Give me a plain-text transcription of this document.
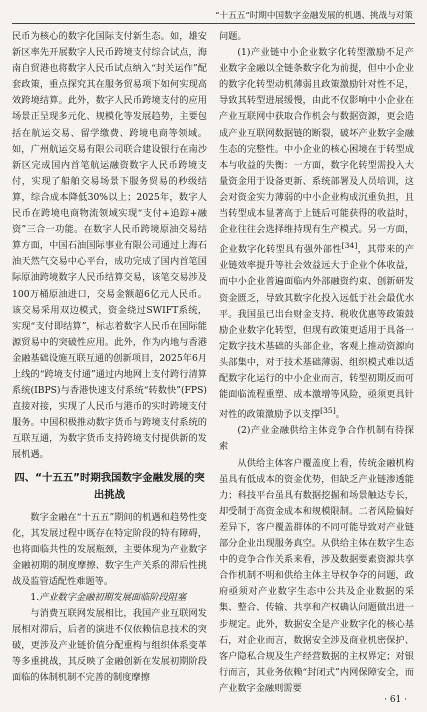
“十五五”时期中国数字金融发展的机遇、挑战与对策

民币为核心的数字化国际支付新生态。如，雄安新区率先开展数字人民币跨境支付综合试点，海南自贸港也将数字人民币试点纳入“封关运作”配套政策，重点探究其在服务贸易项下如何实现高效跨境结算。此外，数字人民币跨境支付的应用场景正呈现多元化、规模化等发展趋势，主要包括在航运交易、留学缴费、跨境电商等领域。如，广州航运交易有限公司联合建设银行在南沙新区完成国内首笔航运融资数字人民币跨境支付，实现了船舶交易场景下服务贸易的秒级结算，综合成本降低30%以上；2025年，数字人民币在跨境电商物流领域实现“支付+追踪+融资”三合一功能。在数字人民币跨境原油交易结算方面，中国石油国际事业有限公司通过上海石油天然气交易中心平台，成功完成了国内首笔国际原油跨境数字人民币结算交易，该笔交易涉及100万桶原油进口，交易金额超6亿元人民币。该交易采用双边模式，资金绕过SWIFT系统，实现“支付即结算”，标志着数字人民币在国际能源贸易中的突破性应用。此外，作为内地与香港金融基础设施互联互通的创新项目，2025年6月上线的“跨境支付通”通过内地网上支付跨行清算系统(IBPS)与香港快速支付系统“转数快”(FPS)直接对接，实现了人民币与港币的实时跨境支付服务。中国积极推动数字货币与跨境支付系统的互联互通，为数字货币支持跨境支付提供新的发展机遇。

四、“十五五”时期我国数字金融发展的突出挑战

数字金融在“十五五”期间的机遇和趋势性变化，其发展过程中既存在特定阶段的特有障碍，也将面临共性的发展瓶颈，主要体现为产业数字金融初期的制度摩擦、数字生产关系的滞后性挑战及监管适配性难题等。

1.产业数字金融初期发展面临阶段阻塞

与消费互联网发展相比，我国产业互联网发展相对滞后，后者的演进不仅依赖信息技术的突破，更涉及产业链价值分配重构与组织体系变革等多重挑战，其反映了金融创新在发展初期阶段面临的体制机制不完善的制度摩擦

问题。

(1)产业链中小企业数字化转型激励不足产业数字金融以全链条数字化为前提，但中小企业的数字化转型动机薄弱且政策激励针对性不足，导致其转型进展缓慢，由此不仅影响中小企业在产业互联网中获取合作机会与数据资源，更会造成产业互联网数据链的断裂，破坏产业数字金融生态的完整性。中小企业的核心困境在于转型成本与收益的失衡：一方面，数字化转型需投入大量资金用于设备更新、系统部署及人员培训，这会对资金实力薄弱的中小企业构成沉重负担，且当转型成本显著高于上链后可能获得的收益时，企业往往会选择维持现有生产模式。另一方面，企业数字化转型具有强外部性[34]，其带来的产业链效率提升等社会效益远大于企业个体收益，而中小企业普遍面临内外部融资约束、创新研发资金匮乏，导致其数字化投入远低于社会最优水平。我国虽已出台财金支持、税收优惠等政策鼓励企业数字化转型，但现有政策更适用于具备一定数字技术基础的头部企业，客观上推动资源向头部集中，对于技术基础薄弱、组织模式难以适配数字化运行的中小企业而言，转型初期反而可能面临流程重塑、成本激增等风险，亟须更具针对性的政策激励予以支撑[35]。

(2)产业金融供给主体竞争合作机制有待探索

从供给主体客户覆盖度上看，传统金融机构虽具有低成本的资金优势，但缺乏产业链渗透能力；科技平台虽具有数据挖掘和场景触达专长，却受制于高资金成本和规模限制。二者风险偏好差异下，客户覆盖群体的不同可能导致对产业链部分企业出现服务真空。从供给主体在数字生态中的竞争合作关系来看，涉及数据要素资源共享合作机制不明和供给主体主导权争夺的问题，政府亟须对产业数字生态中公共及企业数据的采集、整合、传输、共享和产权确认问题做出进一步规定。此外，数据安全是产业数字化的核心基石，对企业而言，数据安全涉及商业机密保护、客户隐私合规及生产经营数据的主权界定；对银行而言，其业务依赖“封闭式”内网保障安全，而产业数字金融则需要

· 61 ·
